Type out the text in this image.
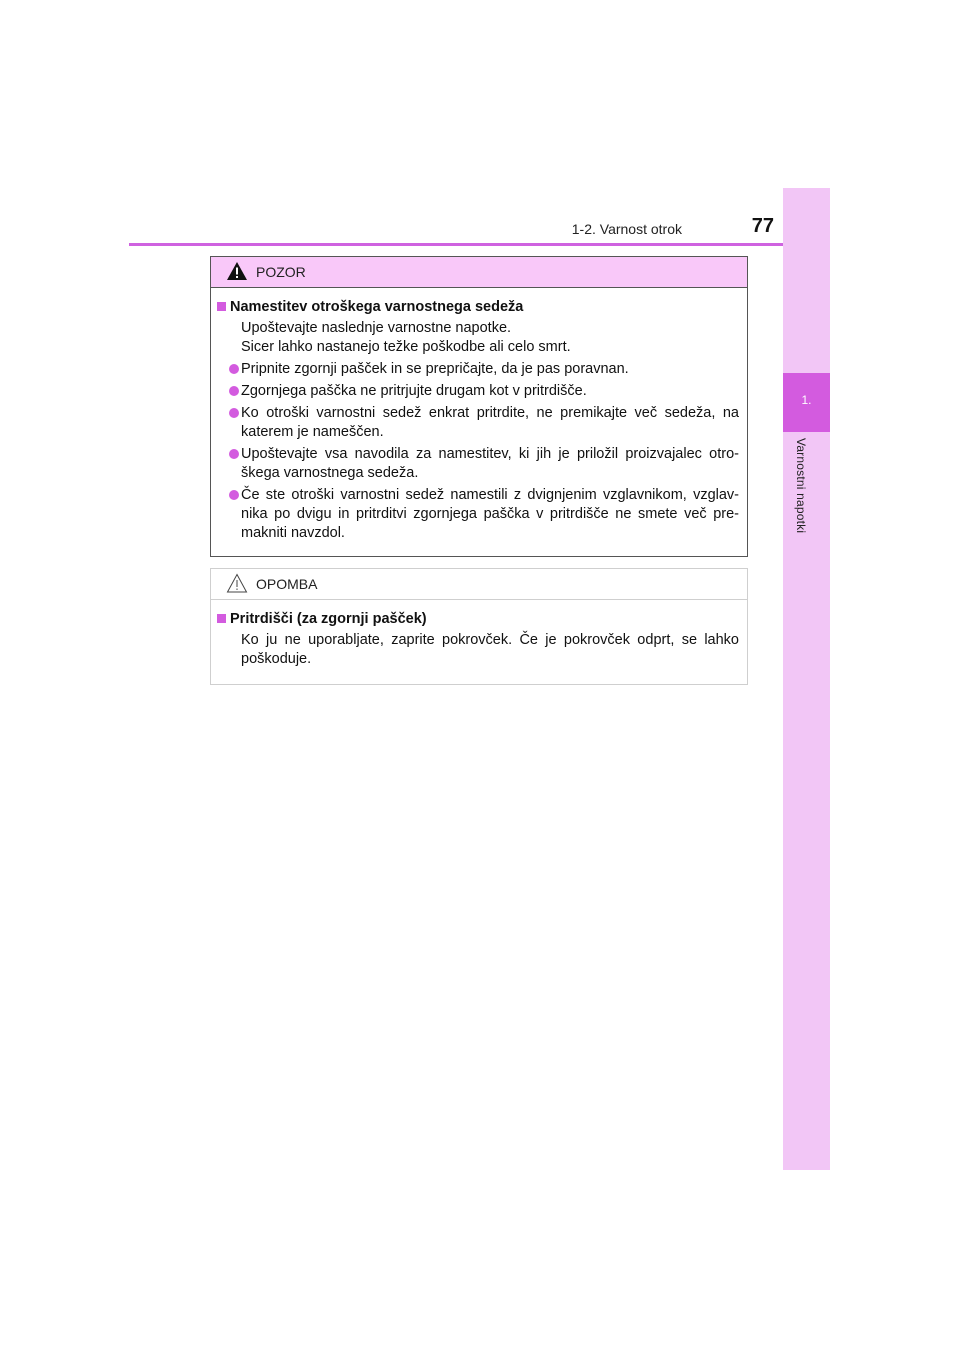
1-2. Varnost otrok	77
1.
Varnostni napotki
POZOR
Namestitev otroškega varnostnega sedeža
Upoštevajte naslednje varnostne napotke.
Sicer lahko nastanejo težke poškodbe ali celo smrt.
Pripnite zgornji pašček in se prepričajte, da je pas poravnan.
Zgornjega paščka ne pritrjujte drugam kot v pritrdišče.
Ko otroški varnostni sedež enkrat pritrdite, ne premikajte več sedeža, na katerem je nameščen.
Upoštevajte vsa navodila za namestitev, ki jih je priložil proizvajalec otro-škega varnostnega sedeža.
Če ste otroški varnostni sedež namestili z dvignjenim vzglavnikom, vzglav-nika po dvigu in pritrditvi zgornjega paščka v pritrdišče ne smete več pre-makniti navzdol.
OPOMBA
Pritrdišči (za zgornji pašček)
Ko ju ne uporabljate, zaprite pokrovček. Če je pokrovček odprt, se lahko poškoduje.
